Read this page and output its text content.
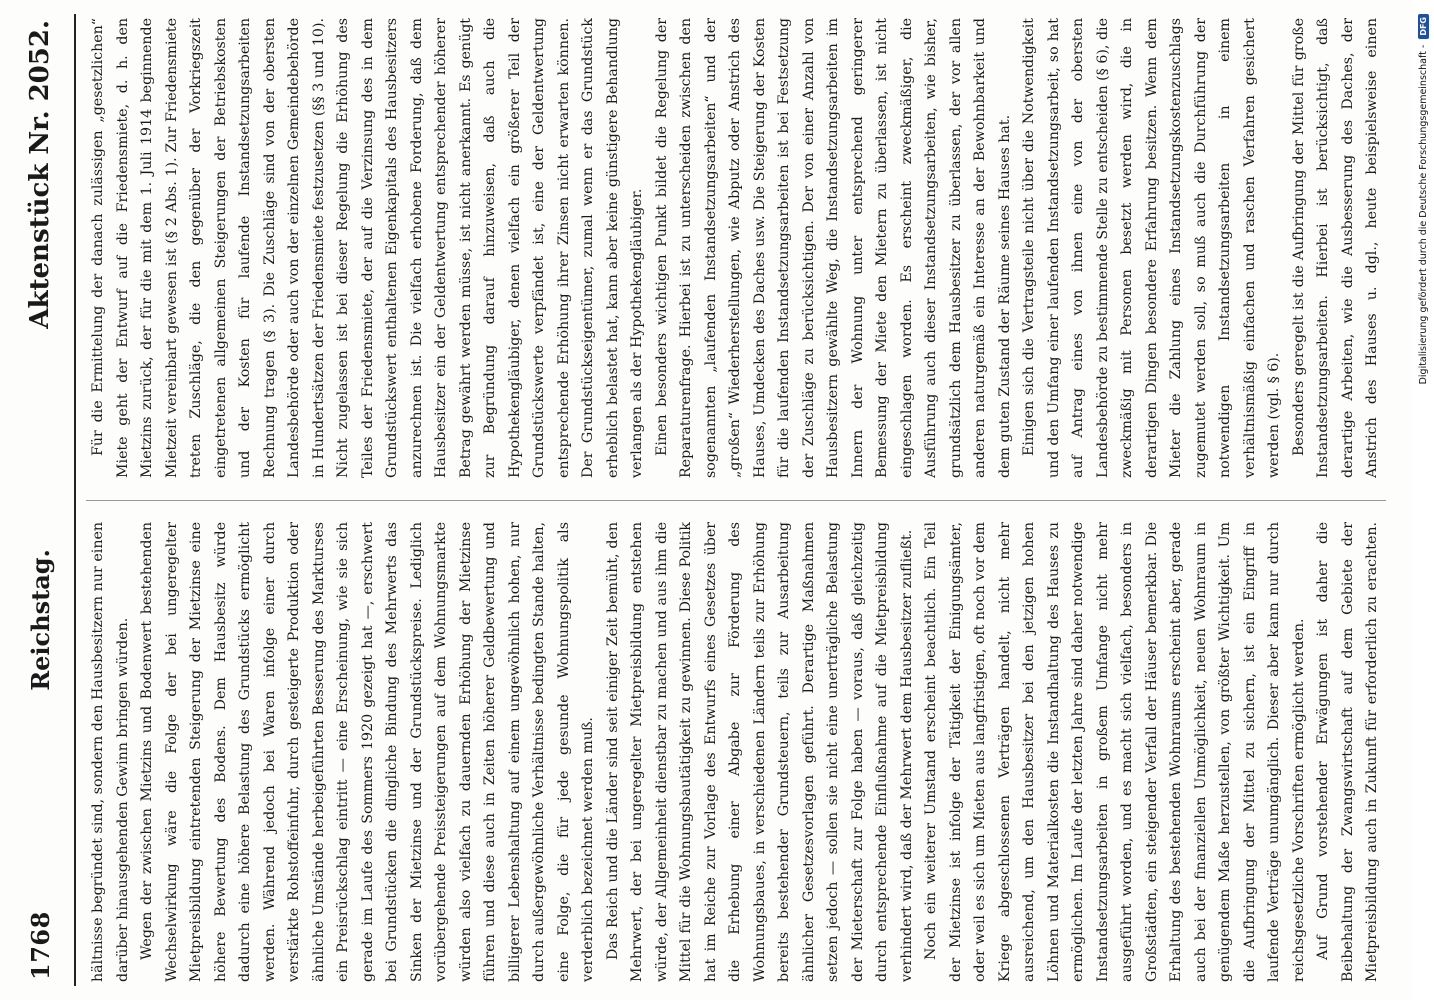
1768
Reichstag.
Aktenstück Nr. 2052.

hältnisse begründet sind, sondern den Hausbesitzern nur einen darüber hinausgehenden Gewinn bringen würden. Wegen der zwischen Mietzins und Bodenwert bestehenden Wechselwirkung wäre die Folge der bei ungeregelter Mietpreisbildung eintretenden Steigerung der Mietzinse eine höhere Bewertung des Bodens. Dem Hausbesitz würde dadurch eine höhere Belastung des Grundstücks ermöglicht werden. Während jedoch bei Waren infolge einer durch verstärkte Rohstoffeinfuhr, durch gesteigerte Produktion oder ähnliche Umstände herbeigeführten Besserung des Markturses ein Preisrückschlag eintritt — eine Erscheinung, wie sie sich gerade im Laufe des Sommers 1920 gezeigt hat —, erschwert bei Grundstücken die dingliche Bindung des Mehrwerts das Sinken der Mietzinse und der Grundstückspreise. Lediglich vorübergehende Preissteigerungen auf dem Wohnungsmarkte würden also vielfach zu dauernden Erhöhung der Mietzinse führen und diese auch in Zeiten höherer Geldbewertung und billigerer Lebenshaltung auf einem ungewöhnlich hohen, nur durch außergewöhnliche Verhältnisse bedingten Stande halten, eine Folge, die für jede gesunde Wohnungspolitik als verderblich bezeichnet werden muß. Das Reich und die Länder sind seit einiger Zeit bemüht, den Mehrwert, der bei ungeregelter Mietpreisbildung entstehen würde, der Allgemeinheit dienstbar zu machen und aus ihm die Mittel für die Wohnungsbautätigkeit zu gewinnen. Diese Politik hat im Reiche zur Vorlage des Entwurfs eines Gesetzes über die Erhebung einer Abgabe zur Förderung des Wohnungsbaues, in verschiedenen Ländern teils zur Erhöhung bereits bestehender Grundsteuern, teils zur Ausarbeitung ähnlicher Gesetzesvorlagen geführt. Derartige Maßnahmen setzen jedoch — sollen sie nicht eine unerträgliche Belastung der Mieterschaft zur Folge haben — voraus, daß gleichzeitig durch entsprechende Einflußnahme auf die Mietpreisbildung verhindert wird, daß der Mehrwert dem Hausbesitzer zufließt. Noch ein weiterer Umstand erscheint beachtlich. Ein Teil der Mietzinse ist infolge der Tätigkeit der Einigungsämter, oder weil es sich um Mieten aus langfristigen, oft noch vor dem Kriege abgeschlossenen Verträgen handelt, nicht mehr ausreichend, um den Hausbesitzer bei den jetzigen hohen Löhnen und Materialkosten die Instandhaltung des Hauses zu ermöglichen. Im Laufe der letzten Jahre sind daher notwendige Instandsetzungsarbeiten in großem Umfange nicht mehr ausgeführt worden, und es macht sich vielfach, besonders in Großstädten, ein steigender Verfall der Häuser bemerkbar. Die Erhaltung des bestehenden Wohnraums erscheint aber, gerade auch bei der finanziellen Unmöglichkeit, neuen Wohnraum in genügendem Maße herzustellen, von größter Wichtigkeit. Um die Aufbringung der Mittel zu sichern, ist ein Eingriff in laufende Verträge unumgänglich. Dieser aber kann nur durch reichsgesetzliche Vorschriften ermöglicht werden. Auf Grund vorstehender Erwägungen ist daher die Beibehaltung der Zwangswirtschaft auf dem Gebiete der Mietpreisbildung auch in Zukunft für erforderlich zu erachten.

Für die Ermittelung der danach zulässigen „gesetzlichen“ Miete geht der Entwurf auf die Friedensmiete, d. h. den Mietzins zurück, der für die mit dem 1. Juli 1914 beginnende Mietzeit vereinbart gewesen ist (§ 2 Abs. 1). Zur Friedensmiete treten Zuschläge, die den gegenüber der Vorkriegszeit eingetretenen allgemeinen Steigerungen der Betriebskosten und der Kosten für laufende Instandsetzungsarbeiten Rechnung tragen (§ 3). Die Zuschläge sind von der obersten Landesbehörde oder auch von der einzelnen Gemeindebehörde in Hundertsätzen der Friedensmiete festzusetzen (§§ 3 und 10). Nicht zugelassen ist bei dieser Regelung die Erhöhung des Teiles der Friedensmiete, der auf die Verzinsung des in dem Grundstückswert enthaltenen Eigenkapitals des Hausbesitzers anzurechnen ist. Die vielfach erhobene Forderung, daß dem Hausbesitzer ein der Geldentwertung entsprechender höherer Betrag gewährt werden müsse, ist nicht anerkannt. Es genügt zur Begründung darauf hinzuweisen, daß auch die Hypothekengläubiger, denen vielfach ein größerer Teil der Grundstückswerte verpfändet ist, eine der Geldentwertung entsprechende Erhöhung ihrer Zinsen nicht erwarten können. Der Grundstückseigentümer, zumal wenn er das Grundstück erheblich belastet hat, kann aber keine günstigere Behandlung verlangen als der Hypothekengläubiger. Einen besonders wichtigen Punkt bildet die Regelung der Reparaturenfrage. Hierbei ist zu unterscheiden zwischen den sogenannten „laufenden Instandsetzungsarbeiten“ und der „großen“ Wiederherstellungen, wie Abputz oder Anstrich des Hauses, Umdecken des Daches usw. Die Steigerung der Kosten für die laufenden Instandsetzungsarbeiten ist bei Festsetzung der Zuschläge zu berücksichtigen. Der von einer Anzahl von Hausbesitzern gewählte Weg, die Instandsetzungsarbeiten im Innern der Wohnung unter entsprechend geringerer Bemessung der Miete den Mietern zu überlassen, ist nicht eingeschlagen worden. Es erscheint zweckmäßiger, die Ausführung auch dieser Instandsetzungsarbeiten, wie bisher, grundsätzlich dem Hausbesitzer zu überlassen, der vor allen anderen naturgemäß ein Interesse an der Bewohnbarkeit und dem guten Zustand der Räume seines Hauses hat. Einigen sich die Vertragsteile nicht über die Notwendigkeit und den Umfang einer laufenden Instandsetzungsarbeit, so hat auf Antrag eines von ihnen eine von der obersten Landesbehörde zu bestimmende Stelle zu entscheiden (§ 6), die zweckmäßig mit Personen besetzt werden wird, die in derartigen Dingen besondere Erfahrung besitzen. Wenn dem Mieter die Zahlung eines Instandsetzungskostenzuschlags zugemutet werden soll, so muß auch die Durchführung der notwendigen Instandsetzungsarbeiten in einem verhältnismäßig einfachen und raschen Verfahren gesichert werden (vgl. § 6). Besonders geregelt ist die Aufbringung der Mittel für große Instandsetzungsarbeiten. Hierbei ist berücksichtigt, daß derartige Arbeiten, wie die Ausbesserung des Daches, der Anstrich des Hauses u. dgl., heute beispielsweise einen

Digitalisierung gefördert durch die Deutsche Forschungsgemeinschaft -
DFG
